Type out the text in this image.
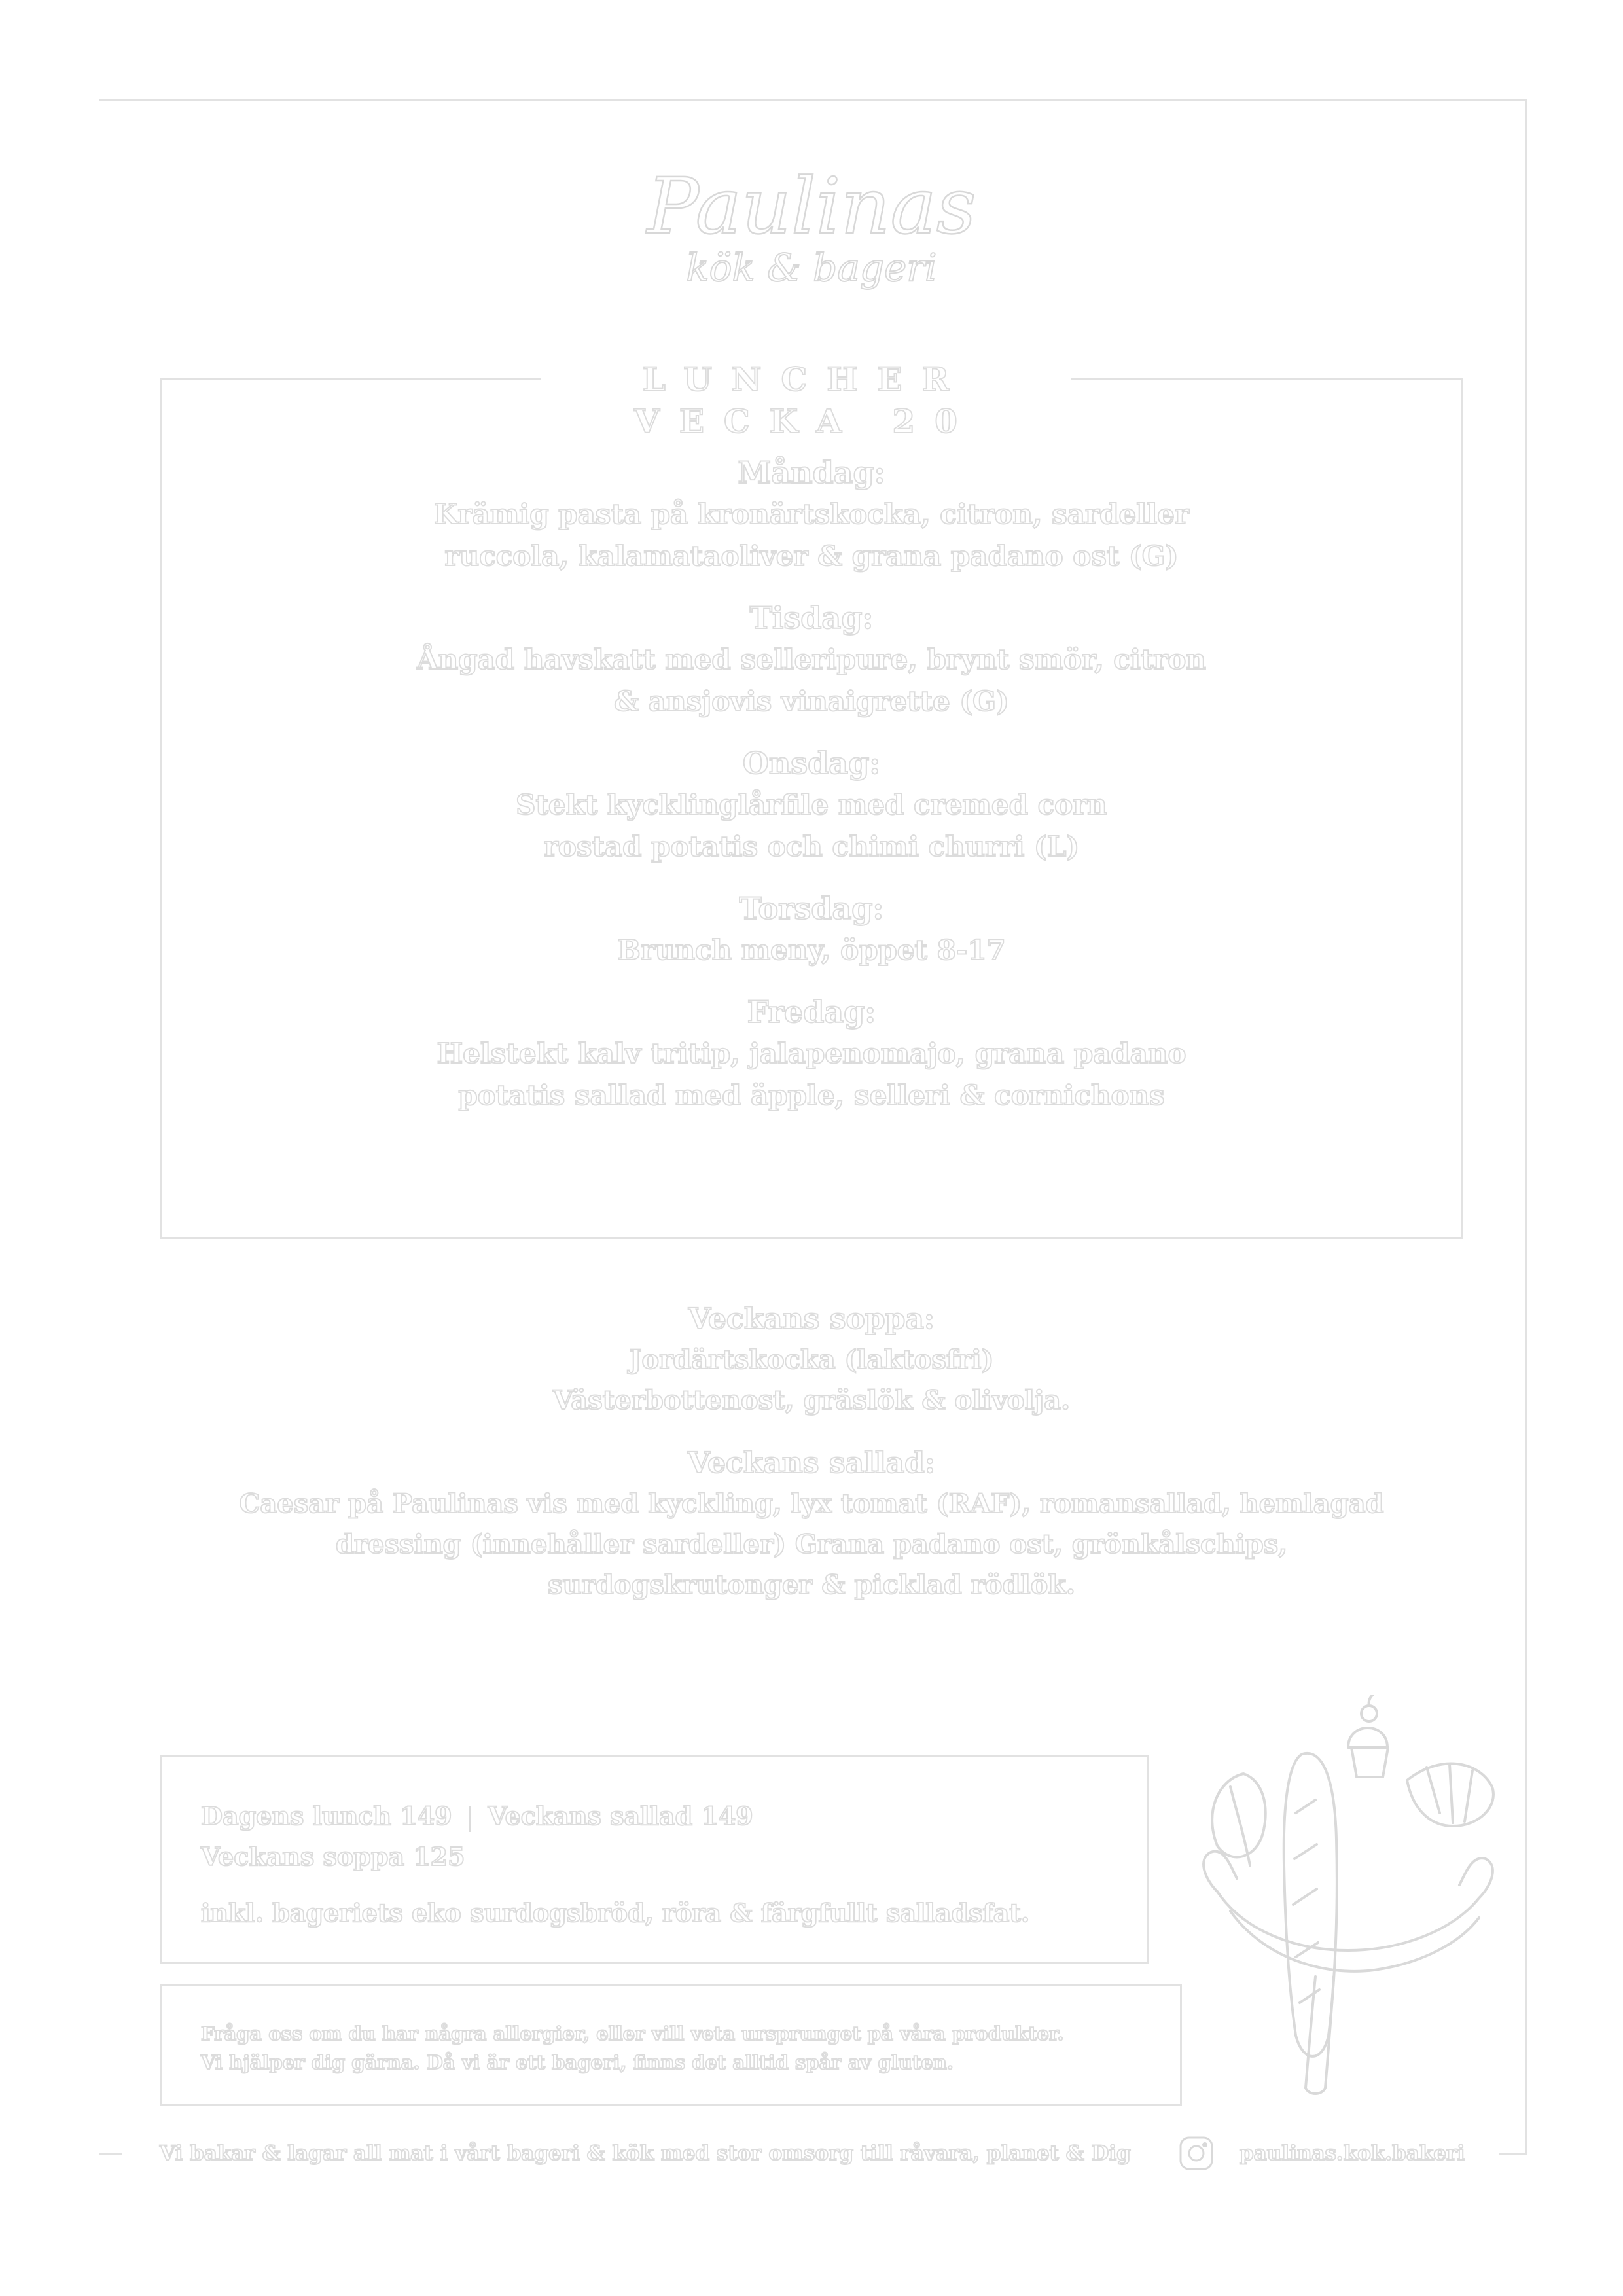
Paulinas
kök & bageri
LUNCHER VECKA 20
Måndag:
Krämig pasta på kronärtskocka, citron, sardeller
ruccola, kalamataoliver & grana padano ost (G)
Tisdag:
Ångad havskatt med selleripure, brynt smör, citron
& ansjovis vinaigrette (G)
Onsdag:
Stekt kycklinglårfile med cremed corn
rostad potatis och chimi churri (L)
Torsdag:
Brunch meny, öppet 8-17
Fredag:
Helstekt kalv tritip, jalapenomajo, grana padano
potatis sallad med äpple, selleri & cornichons
Veckans soppa:
Jordärtskocka (laktosfri)
Västerbottenost, gräslök & olivolja.
Veckans sallad:
Caesar på Paulinas vis med kyckling, lyx tomat (RAF), romansallad, hemlagad
dressing (innehåller sardeller) Grana padano ost, grönkålschips,
surdogskrutonger & picklad rödlök.
Dagens lunch 149 Veckans sallad 149
Veckans soppa 125
inkl. bageriets eko surdogsbröd, röra & färgfullt salladsfat.
Fråga oss om du har några allergier, eller vill veta ursprunget på våra produkter.
Vi hjälper dig gärna. Då vi är ett bageri, finns det alltid spår av gluten.
Vi bakar & lagar all mat i vårt bageri & kök med stor omsorg till råvara, planet & Dig	paulinas.kok.bakeri
